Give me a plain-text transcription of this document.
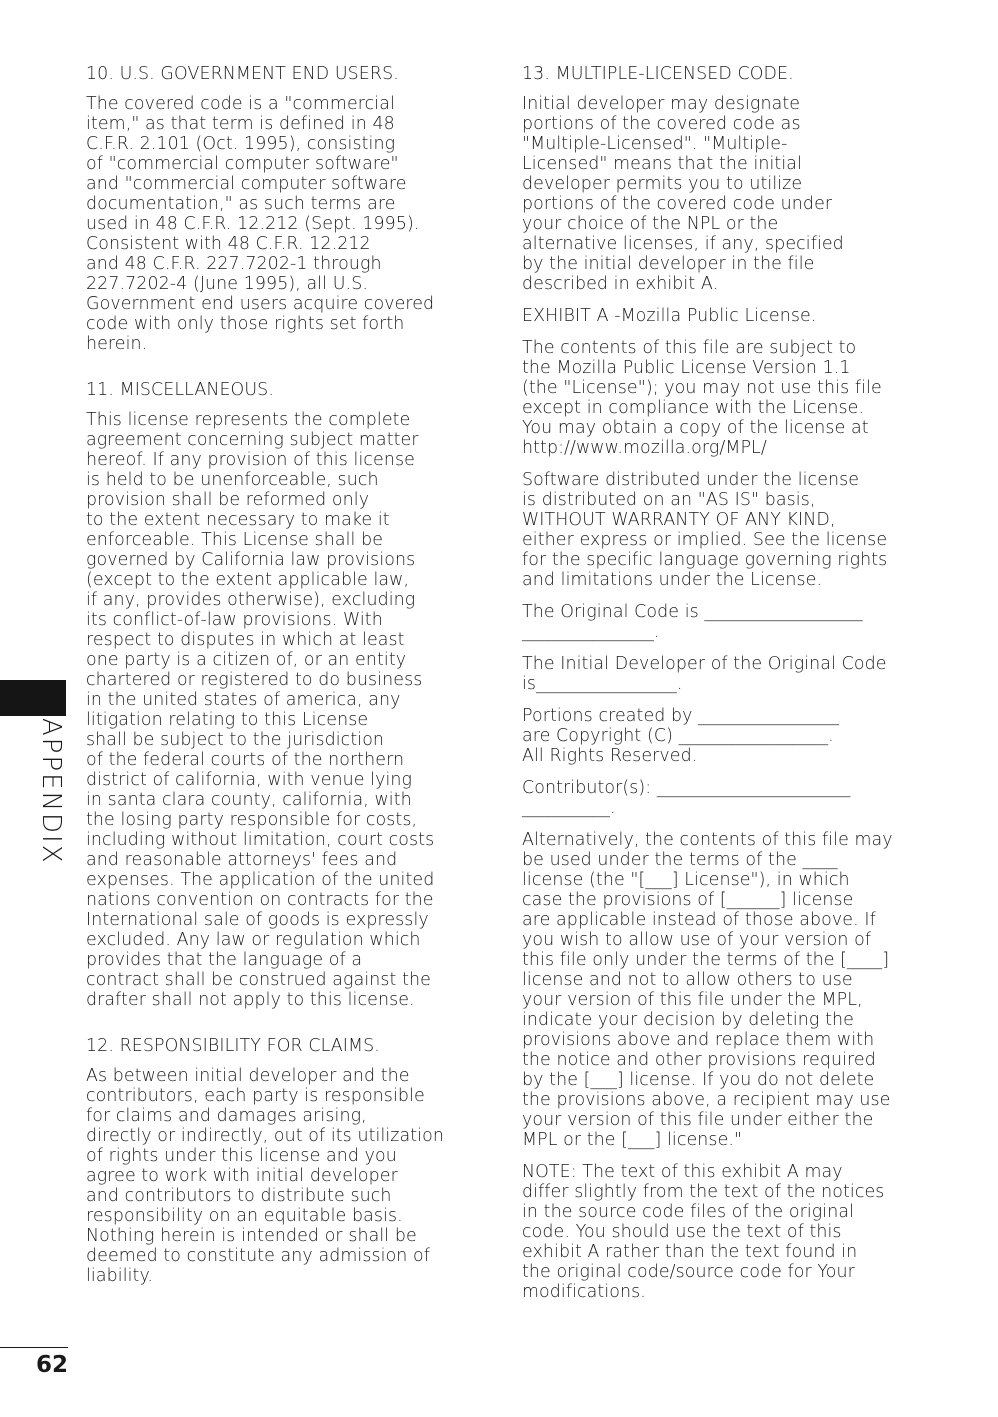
APPENDIX
10. U.S. GOVERNMENT END USERS.
The covered code is a "commercial
item," as that term is defined in 48
C.F.R. 2.101 (Oct. 1995), consisting
of "commercial computer software"
and "commercial computer software
documentation," as such terms are
used in 48 C.F.R. 12.212 (Sept. 1995).
Consistent with 48 C.F.R. 12.212
and 48 C.F.R. 227.7202-1 through
227.7202-4 (June 1995), all U.S.
Government end users acquire covered
code with only those rights set forth
herein.
11. MISCELLANEOUS.
This license represents the complete
agreement concerning subject matter
hereof. If any provision of this license
is held to be unenforceable, such
provision shall be reformed only
to the extent necessary to make it
enforceable. This License shall be
governed by California law provisions
(except to the extent applicable law,
if any, provides otherwise), excluding
its conflict-of-law provisions. With
respect to disputes in which at least
one party is a citizen of, or an entity
chartered or registered to do business
in the united states of america, any
litigation relating to this License
shall be subject to the jurisdiction
of the federal courts of the northern
district of california, with venue lying
in santa clara county, california, with
the losing party responsible for costs,
including without limitation, court costs
and reasonable attorneys' fees and
expenses. The application of the united
nations convention on contracts for the
International sale of goods is expressly
excluded. Any law or regulation which
provides that the language of a
contract shall be construed against the
drafter shall not apply to this license.
12. RESPONSIBILITY FOR CLAIMS.
As between initial developer and the
contributors, each party is responsible
for claims and damages arising,
directly or indirectly, out of its utilization
of rights under this license and you
agree to work with initial developer
and contributors to distribute such
responsibility on an equitable basis.
Nothing herein is intended or shall be
deemed to constitute any admission of
liability.
13. MULTIPLE-LICENSED CODE.
Initial developer may designate
portions of the covered code as
"Multiple-Licensed". "Multiple-
Licensed" means that the initial
developer permits you to utilize
portions of the covered code under
your choice of the NPL or the
alternative licenses, if any, specified
by the initial developer in the file
described in exhibit A.
EXHIBIT A -Mozilla Public License.
The contents of this file are subject to
the Mozilla Public License Version 1.1
(the "License"); you may not use this file
except in compliance with the License.
You may obtain a copy of the license at
http://www.mozilla.org/MPL/
Software distributed under the license
is distributed on an "AS IS" basis,
WITHOUT WARRANTY OF ANY KIND,
either express or implied. See the license
for the specific language governing rights
and limitations under the License.
The Original Code is __________________
_______________.
The Initial Developer of the Original Code
is________________.
Portions created by ________________
are Copyright (C) _________________.
All Rights Reserved.
Contributor(s): ______________________
__________.
Alternatively, the contents of this file may
be used under the terms of the ____
license (the "[___] License"), in which
case the provisions of [______] license
are applicable instead of those above. If
you wish to allow use of your version of
this file only under the terms of the [____]
license and not to allow others to use
your version of this file under the MPL,
indicate your decision by deleting the
provisions above and replace them with
the notice and other provisions required
by the [___] license. If you do not delete
the provisions above, a recipient may use
your version of this file under either the
MPL or the [___] license."
NOTE: The text of this exhibit A may
differ slightly from the text of the notices
in the source code files of the original
code. You should use the text of this
exhibit A rather than the text found in
the original code/source code for Your
modifications.
62
